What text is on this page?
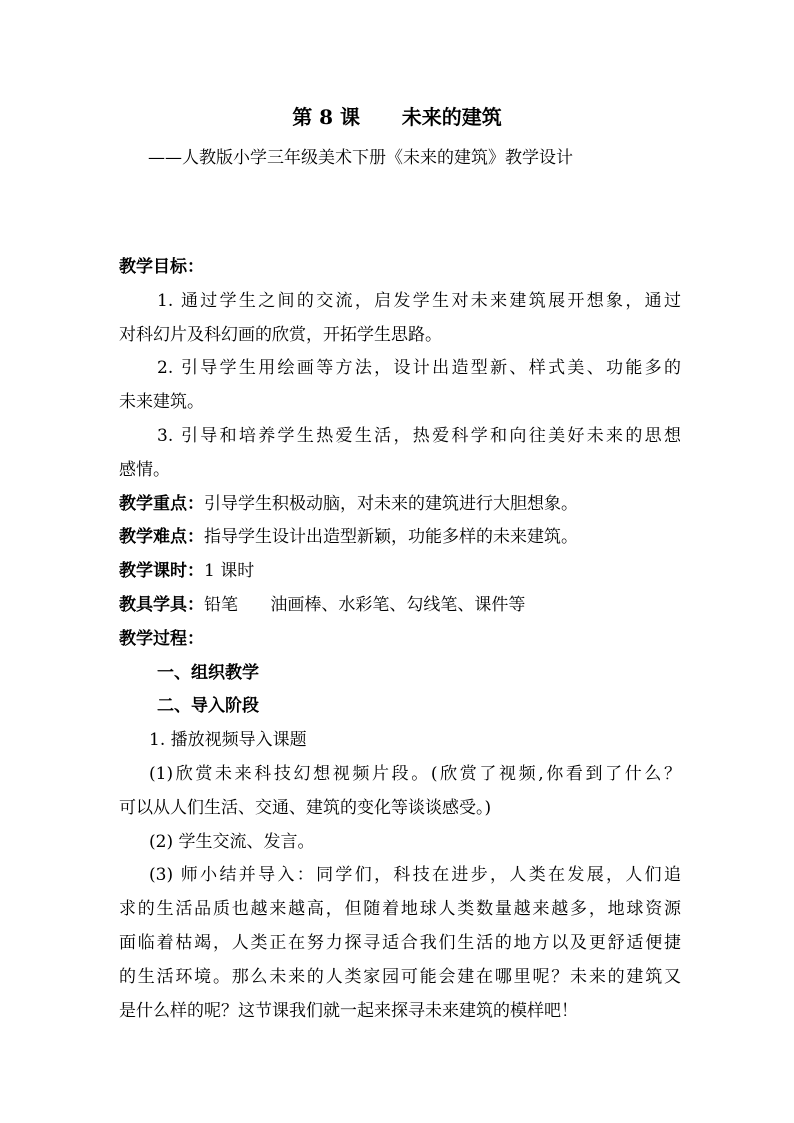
第 8 课      未来的建筑
——人教版小学三年级美术下册《未来的建筑》教学设计
教学目标：
1. 通过学生之间的交流，启发学生对未来建筑展开想象，通过
对科幻片及科幻画的欣赏，开拓学生思路。
2. 引导学生用绘画等方法，设计出造型新、样式美、功能多的
未来建筑。
3. 引导和培养学生热爱生活，热爱科学和向往美好未来的思想
感情。
教学重点：引导学生积极动脑，对未来的建筑进行大胆想象。
教学难点：指导学生设计出造型新颖，功能多样的未来建筑。
教学课时：1 课时
教具学具：铅笔      油画棒、水彩笔、勾线笔、课件等
教学过程：
一、组织教学
二、导入阶段
1. 播放视频导入课题
(1)欣赏未来科技幻想视频片段。(欣赏了视频,你看到了什么？
可以从人们生活、交通、建筑的变化等谈谈感受。)
(2) 学生交流、发言。
(3) 师小结并导入：同学们，科技在进步，人类在发展，人们追
求的生活品质也越来越高，但随着地球人类数量越来越多，地球资源
面临着枯竭，人类正在努力探寻适合我们生活的地方以及更舒适便捷
的生活环境。那么未来的人类家园可能会建在哪里呢？未来的建筑又
是什么样的呢？这节课我们就一起来探寻未来建筑的模样吧！
